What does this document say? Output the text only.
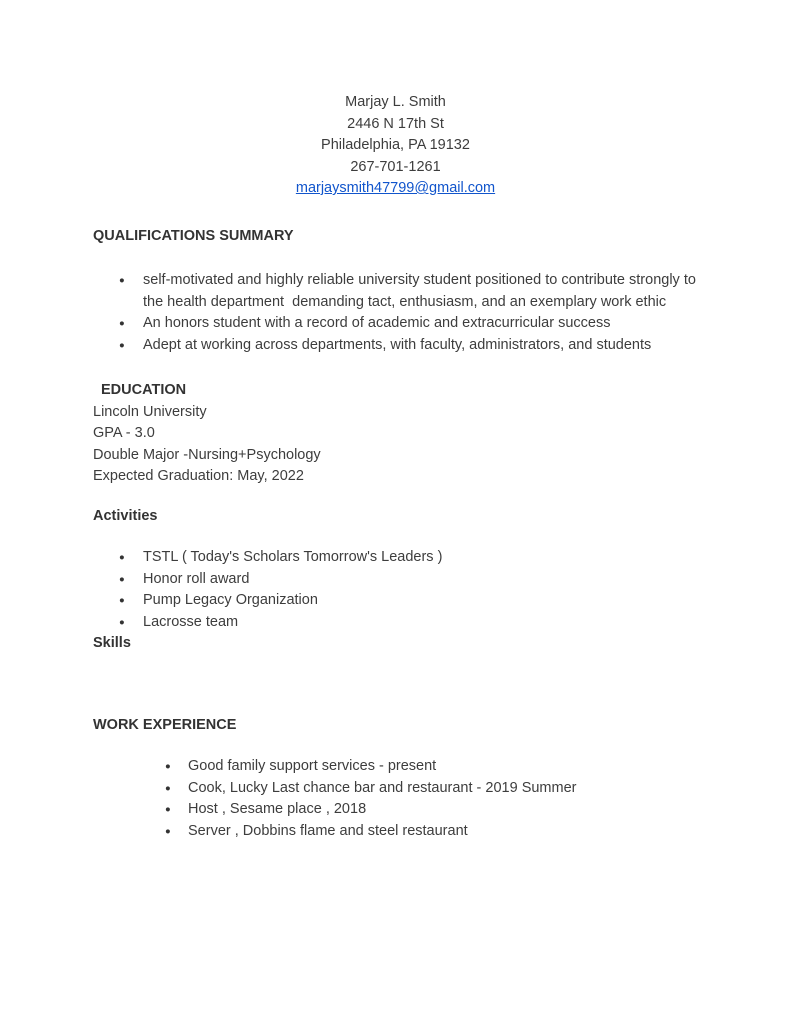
Marjay L. Smith
2446 N 17th St
Philadelphia, PA 19132
267-701-1261
marjaysmith47799@gmail.com
QUALIFICATIONS SUMMARY
● self-motivated and highly reliable university student positioned to contribute strongly to the health department  demanding tact, enthusiasm, and an exemplary work ethic
● An honors student with a record of academic and extracurricular success
● Adept at working across departments, with faculty, administrators, and students
EDUCATION
Lincoln University
GPA - 3.0
Double Major -Nursing+Psychology
Expected Graduation: May, 2022
Activities
● TSTL ( Today's Scholars Tomorrow's Leaders )
● Honor roll award
● Pump Legacy Organization
● Lacrosse team
Skills
WORK EXPERIENCE
● Good family support services - present
● Cook, Lucky Last chance bar and restaurant - 2019 Summer
● Host , Sesame place , 2018
● Server , Dobbins flame and steel restaurant
